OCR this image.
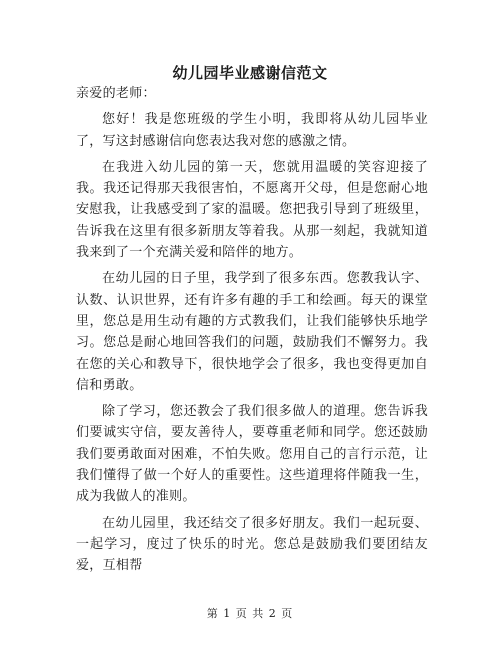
幼儿园毕业感谢信范文

亲爱的老师：

您好！我是您班级的学生小明，我即将从幼儿园毕业了，写这封感谢信向您表达我对您的感激之情。

在我进入幼儿园的第一天，您就用温暖的笑容迎接了我。我还记得那天我很害怕，不愿离开父母，但是您耐心地安慰我，让我感受到了家的温暖。您把我引导到了班级里，告诉我在这里有很多新朋友等着我。从那一刻起，我就知道我来到了一个充满关爱和陪伴的地方。

在幼儿园的日子里，我学到了很多东西。您教我认字、认数、认识世界，还有许多有趣的手工和绘画。每天的课堂里，您总是用生动有趣的方式教我们，让我们能够快乐地学习。您总是耐心地回答我们的问题，鼓励我们不懈努力。我在您的关心和教导下，很快地学会了很多，我也变得更加自信和勇敢。

除了学习，您还教会了我们很多做人的道理。您告诉我们要诚实守信，要友善待人，要尊重老师和同学。您还鼓励我们要勇敢面对困难，不怕失败。您用自己的言行示范，让我们懂得了做一个好人的重要性。这些道理将伴随我一生，成为我做人的准则。

在幼儿园里，我还结交了很多好朋友。我们一起玩耍、一起学习，度过了快乐的时光。您总是鼓励我们要团结友爱，互相帮

第 1 页 共 2 页
